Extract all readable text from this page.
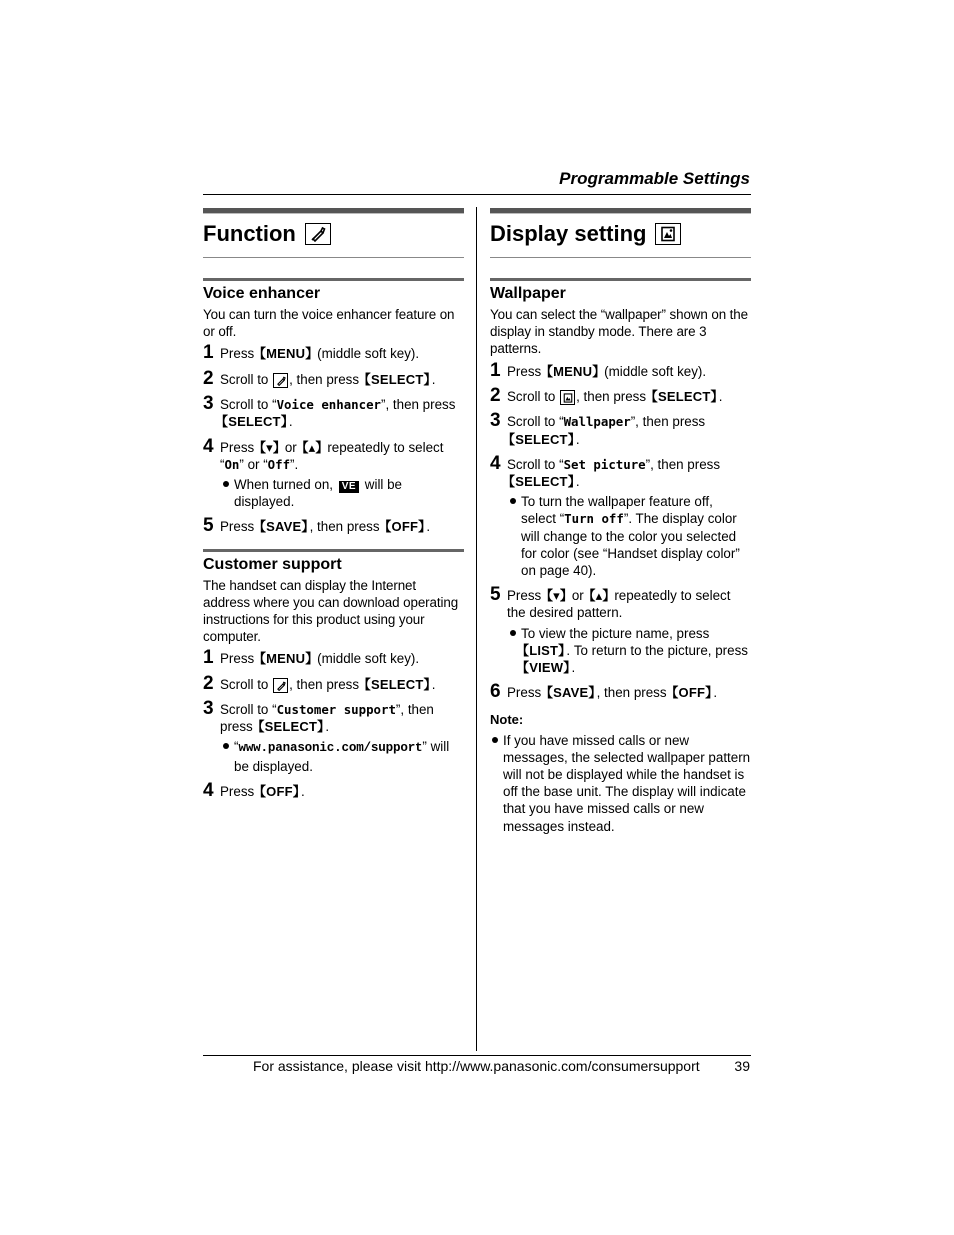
Programmable Settings
Function
Voice enhancer

You can turn the voice enhancer feature on or off.

1 Press 【 MENU 】 (middle soft key).
2 Scroll to
, then press 【 SELECT 】 .
3 Scroll to “Voice enhancer”, then press 【 SELECT 】 .
4 Press 【 ▾ 】 or 【 ▴ 】 repeatedly to select “On” or “Off”.
When turned on, VE will be displayed.
5 Press 【 SAVE 】 , then press 【 OFF 】 .
Customer support

The handset can display the Internet address where you can download operating instructions for this product using your computer.

1 Press 【 MENU 】 (middle soft key).
2 Scroll to
, then press 【 SELECT 】 .
3 Scroll to “Customer support”, then press 【 SELECT 】 .
“www.panasonic.com/support” will be displayed.
4 Press 【 OFF 】 .
Display setting
Wallpaper

You can select the “wallpaper” shown on the display in standby mode. There are 3 patterns.

1 Press 【 MENU 】 (middle soft key).
2 Scroll to
, then press 【 SELECT 】 .
3 Scroll to “Wallpaper”, then press 【 SELECT 】 .
4 Scroll to “Set picture”, then press 【 SELECT 】 .
To turn the wallpaper feature off, select “Turn off”. The display color will change to the color you selected for color (see “Handset display color” on page 40).
5 Press 【 ▾ 】 or 【 ▴ 】 repeatedly to select the desired pattern.
To view the picture name, press 【 LIST 】 . To return to the picture, press 【 VIEW 】 .
6 Press 【 SAVE 】 , then press 【 OFF 】 .
Note:
If you have missed calls or new messages, the selected wallpaper pattern will not be displayed while the handset is off the base unit. The display will indicate that you have missed calls or new messages instead.
For assistance, please visit http://www.panasonic.com/consumersupport 39
